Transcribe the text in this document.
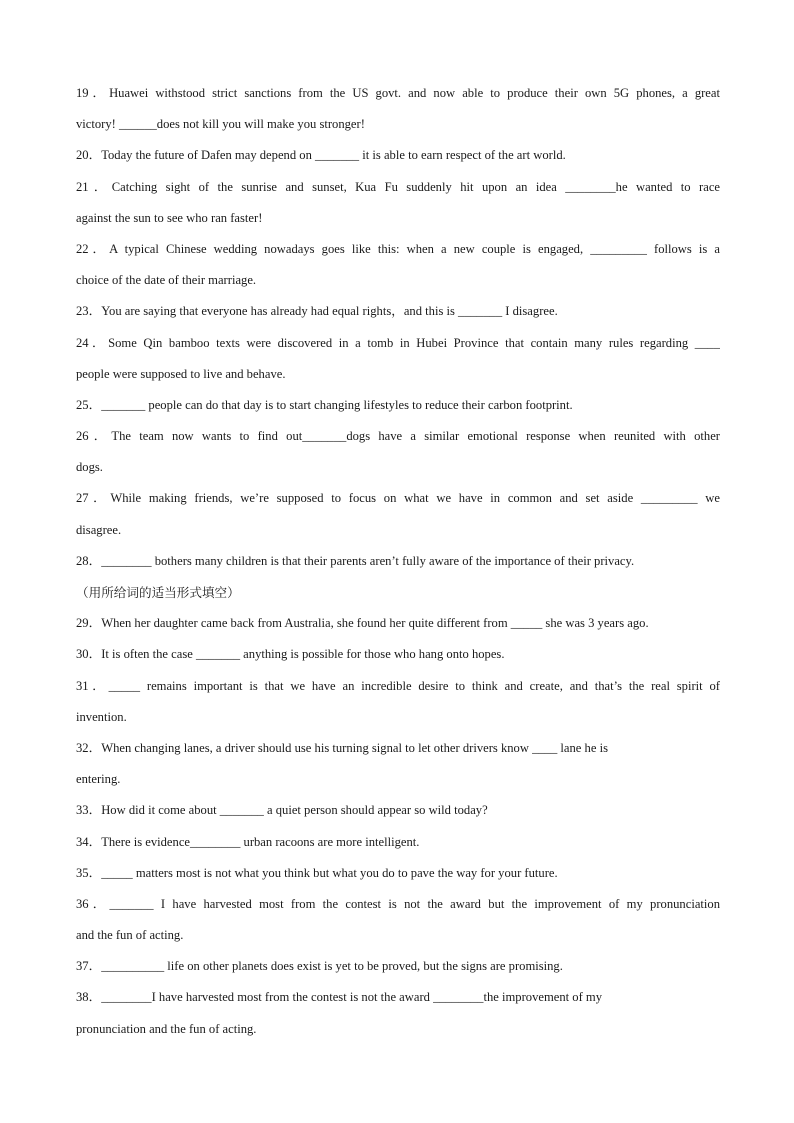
19．Huawei withstood strict sanctions from the US govt. and now able to produce their own 5G phones, a great
victory! ______does not kill you will make you stronger!
20．Today the future of Dafen may depend on _______ it is able to earn respect of the art world.
21．Catching sight of the sunrise and sunset, Kua Fu suddenly hit upon an idea ________he wanted to race
against the sun to see who ran faster!
22．A typical Chinese wedding nowadays goes like this: when a new couple is engaged, _________ follows is a
choice of the date of their marriage.
23．You are saying that everyone has already had equal rights，and this is _______ I disagree.
24．Some Qin bamboo texts were discovered in a tomb in Hubei Province that contain many rules regarding ____
people were supposed to live and behave.
25．_______ people can do that day is to start changing lifestyles to reduce their carbon footprint.
26．The team now wants to find out_______dogs have a similar emotional response when reunited with other
dogs.
27．While making friends, we’re supposed to focus on what we have in common and set aside _________ we
disagree.
28．________ bothers many children is that their parents aren’t fully aware of the importance of their privacy.
（用所给词的适当形式填空）
29．When her daughter came back from Australia, she found her quite different from _____ she was 3 years ago.
30．It is often the case _______ anything is possible for those who hang onto hopes.
31．_____ remains important is that we have an incredible desire to think and create, and that’s the real spirit of
invention.
32．When changing lanes, a driver should use his turning signal to let other drivers know ____ lane he is
entering.
33．How did it come about _______ a quiet person should appear so wild today?
34．There is evidence________ urban racoons are more intelligent.
35．_____ matters most is not what you think but what you do to pave the way for your future.
36．_______ I have harvested most from the contest is not the award but the improvement of my pronunciation
and the fun of acting.
37．__________ life on other planets does exist is yet to be proved, but the signs are promising.
38．________I have harvested most from the contest is not the award ________the improvement of my
pronunciation and the fun of acting.
